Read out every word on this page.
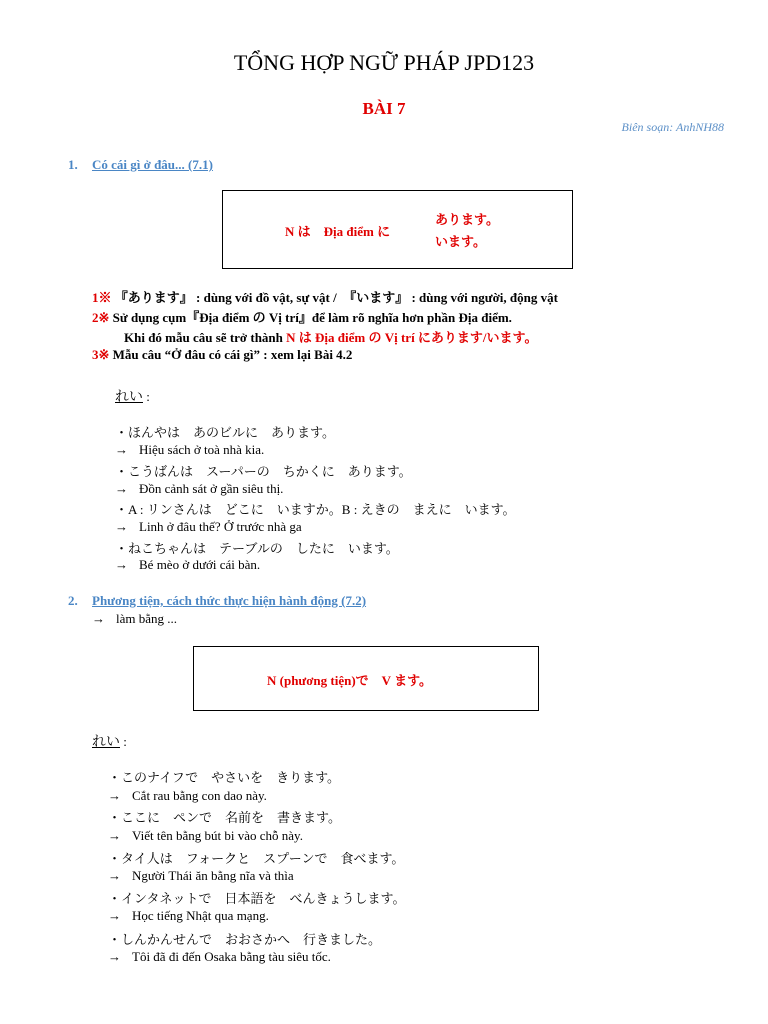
TỔNG HỢP NGỮ PHÁP JPD123
BÀI 7
Biên soạn: AnhNH88
1. Có cái gì ở đâu... (7.1)
N は　Địa điểm に
あります。
います。
1※ 『あります』 : dùng với đồ vật, sự vật /　『います』 : dùng với người, động vật
2※ Sử dụng cụm『Địa điểm の Vị trí』để làm rõ nghĩa hơn phần Địa điểm.
Khi đó mẫu câu sẽ trở thành N は Địa điểm の Vị trí にあります/います。
3※ Mẫu câu “Ở đâu có cái gì” : xem lại Bài 4.2
れい :
・ほんやは　あのビルに　あります。
→ Hiệu sách ở toà nhà kia.
・こうばんは　スーパーの　ちかくに　あります。
→ Đồn cảnh sát ở gần siêu thị.
・A : リンさんは　どこに　いますか。B : えきの　まえに　います。
→ Linh ở đâu thế? Ở trước nhà ga
・ねこちゃんは　テーブルの　したに　います。
→ Bé mèo ở dưới cái bàn.
2. Phương tiện, cách thức thực hiện hành động (7.2)
→ làm bằng ...
N (phương tiện)で　V ます。
れい :
・このナイフで　やさいを　きります。
→ Cắt rau bằng con dao này.
・ここに　ペンで　名前を　書きます。
→ Viết tên bằng bút bi vào chỗ này.
・タイ人は　フォークと　スプーンで　食べます。
→ Người Thái ăn bằng nĩa và thìa
・インタネットで　日本語を　べんきょうします。
→ Học tiếng Nhật qua mạng.
・しんかんせんで　おおさかへ　行きました。
→ Tôi đã đi đến Osaka bằng tàu siêu tốc.
